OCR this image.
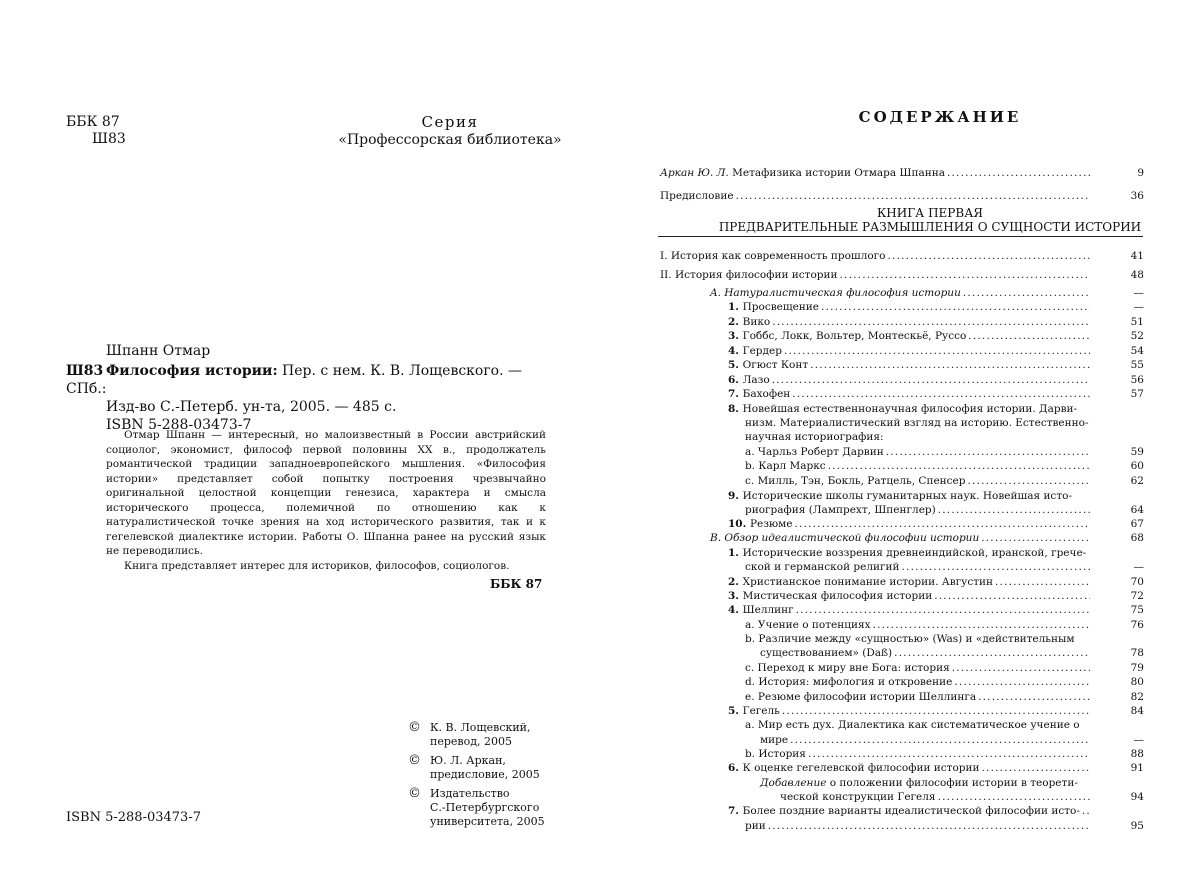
ББК 87
Ш83
Серия
«Профессорская библиотека»
Шпанн Отмар
Ш83 Философия истории: Пер. с нем. К. В. Лощевского. — СПб.:
Изд-во С.-Петерб. ун-та, 2005. — 485 с.
ISBN 5-288-03473-7

Отмар Шпанн — интересный, но малоизвестный в России австрийский социолог, экономист, философ первой половины XX в., продолжатель романтической традиции западноевропейского мышления. «Философия истории» представляет собой попытку построения чрезвычайно оригинальной целостной концепции генезиса, характера и смысла исторического процесса, полемичной по отношению как к натуралистической точке зрения на ход исторического развития, так и к гегелевской диалектике истории. Работы О. Шпанна ранее на русский язык не переводились.

Книга представляет интерес для историков, философов, социологов.

ББК 87
© К. В. Лощевский,
перевод, 2005
© Ю. Л. Аркан,
предисловие, 2005
© Издательство
С.-Петербургского
университета, 2005
ISBN 5-288-03473-7
СОДЕРЖАНИЕ
КНИГА ПЕРВАЯ
ПРЕДВАРИТЕЛЬНЫЕ РАЗМЫШЛЕНИЯ О СУЩНОСТИ ИСТОРИИ
Аркан Ю. Л. Метафизика истории Отмара Шпанна .....	9
Предисловие .....	36
I. История как современность прошлого .....	41
II. История философии истории .....	48
A. Натуралистическая философия истории .....	—
1. Просвещение .....	—
2. Вико .....	51
3. Гоббс, Локк, Вольтер, Монтескьё, Руссо .....	52
4. Гердер .....	54
5. Огюст Конт .....	55
6. Лазо .....	56
7. Бахофен .....	57
8. Новейшая естественнонаучная философия истории. Дарви-
низм. Материалистический взгляд на историю. Естественно-
научная историография:
a. Чарльз Роберт Дарвин .....	59
b. Карл Маркс .....	60
c. Милль, Тэн, Бокль, Ратцель, Спенсер .....	62
9. Исторические школы гуманитарных наук. Новейшая исто-
риография (Лампрехт, Шпенглер) .....	64
10. Резюме .....	67
B. Обзор идеалистической философии истории .....	68
1. Исторические воззрения древнеиндийской, иранской, грече-
ской и германской религий .....	—
2. Христианское понимание истории. Августин .....	70
3. Мистическая философия истории .....	72
4. Шеллинг .....	75
a. Учение о потенциях .....	76
b. Различие между «сущностью» (Was) и «действительным
существованием» (Daß) .....	78
c. Переход к миру вне Бога: история .....	79
d. История: мифология и откровение .....	80
e. Резюме философии истории Шеллинга .....	82
5. Гегель .....	84
a. Мир есть дух. Диалектика как систематическое учение о
мире .....	—
b. История .....	88
6. К оценке гегелевской философии истории .....	91
Добавление о положении философии истории в теорети-
ческой конструкции Гегеля .....	94
7. Более поздние варианты идеалистической философии исто-
.....
рии .....	95
